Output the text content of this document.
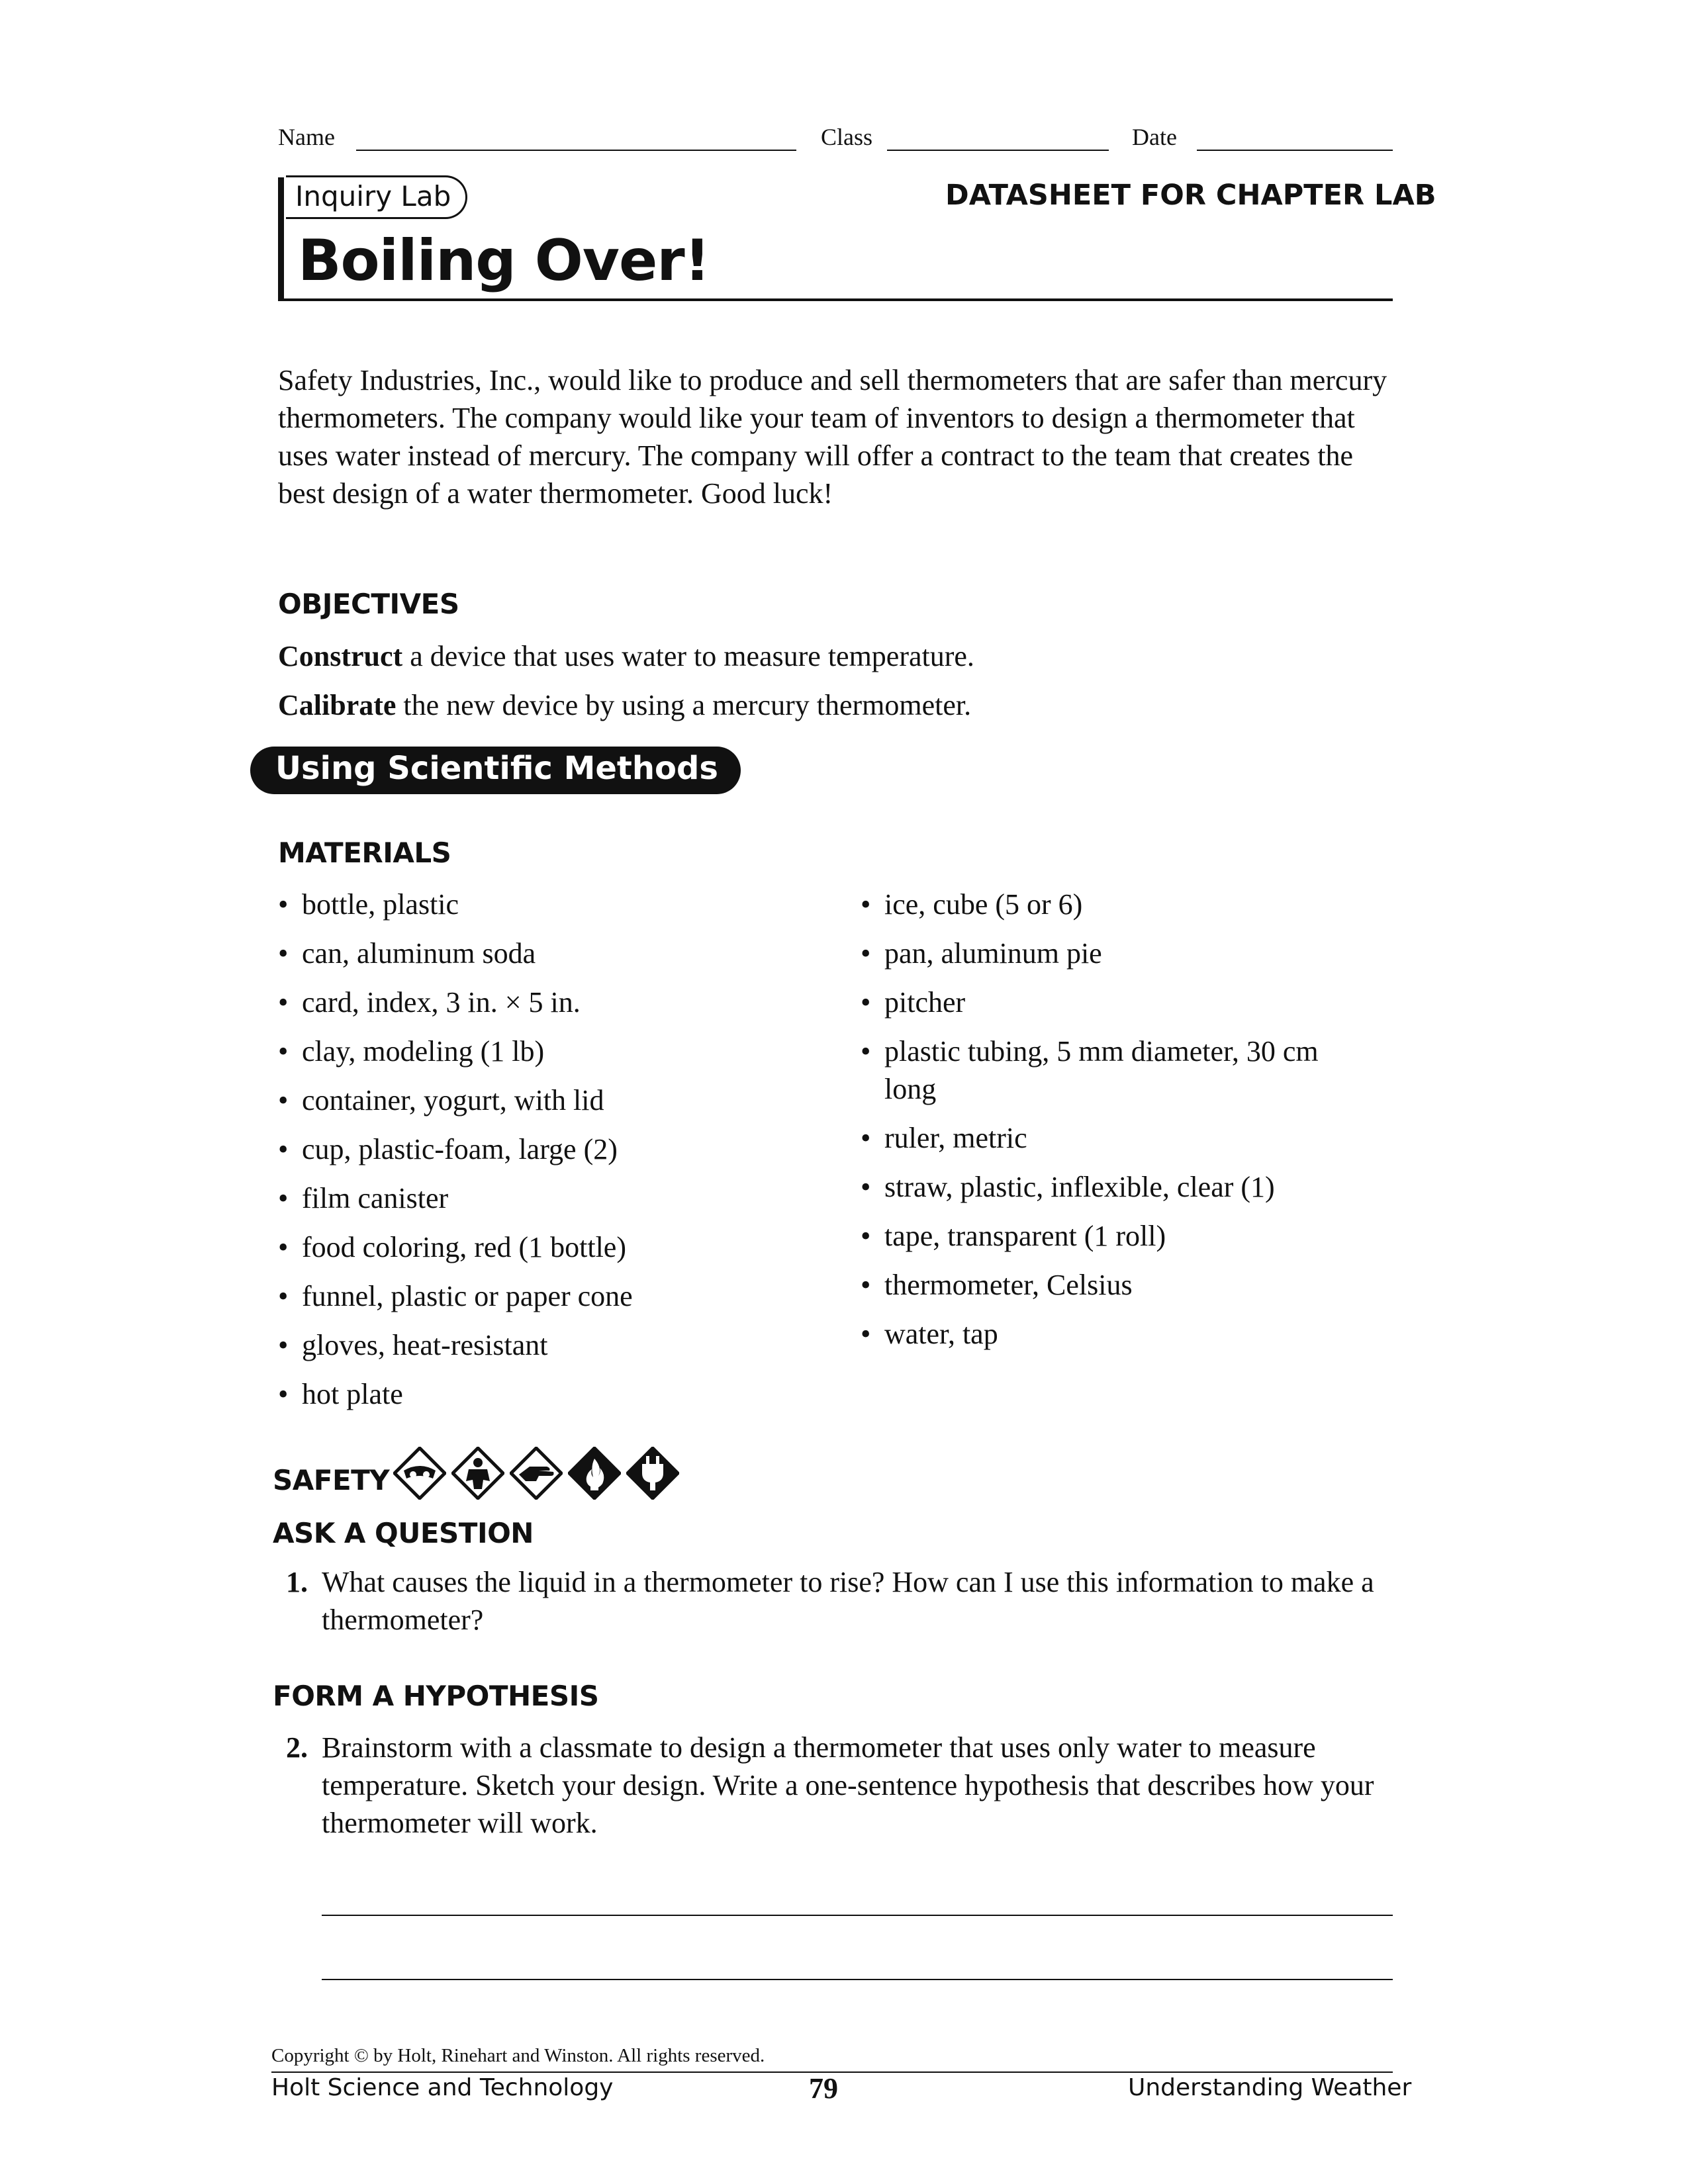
Name	Class	Date
Inquiry Lab	DATASHEET FOR CHAPTER LAB
Boiling Over!
Safety Industries, Inc., would like to produce and sell thermometers that are safer than mercury thermometers. The company would like your team of inventors to design a thermometer that uses water instead of mercury. The company will offer a contract to the team that creates the best design of a water thermometer. Good luck!
OBJECTIVES
Construct a device that uses water to measure temperature.
Calibrate the new device by using a mercury thermometer.
Using Scientific Methods
MATERIALS
• bottle, plastic
• can, aluminum soda
• card, index, 3 in. × 5 in.
• clay, modeling (1 lb)
• container, yogurt, with lid
• cup, plastic-foam, large (2)
• film canister
• food coloring, red (1 bottle)
• funnel, plastic or paper cone
• gloves, heat-resistant
• hot plate
• ice, cube (5 or 6)
• pan, aluminum pie
• pitcher
• plastic tubing, 5 mm diameter, 30 cm long
• ruler, metric
• straw, plastic, inflexible, clear (1)
• tape, transparent (1 roll)
• thermometer, Celsius
• water, tap
SAFETY

ASK A QUESTION
1. What causes the liquid in a thermometer to rise? How can I use this information to make a thermometer?
FORM A HYPOTHESIS
2. Brainstorm with a classmate to design a thermometer that uses only water to measure temperature. Sketch your design. Write a one-sentence hypothesis that describes how your thermometer will work.
Copyright © by Holt, Rinehart and Winston. All rights reserved.
Holt Science and Technology	79	Understanding Weather
